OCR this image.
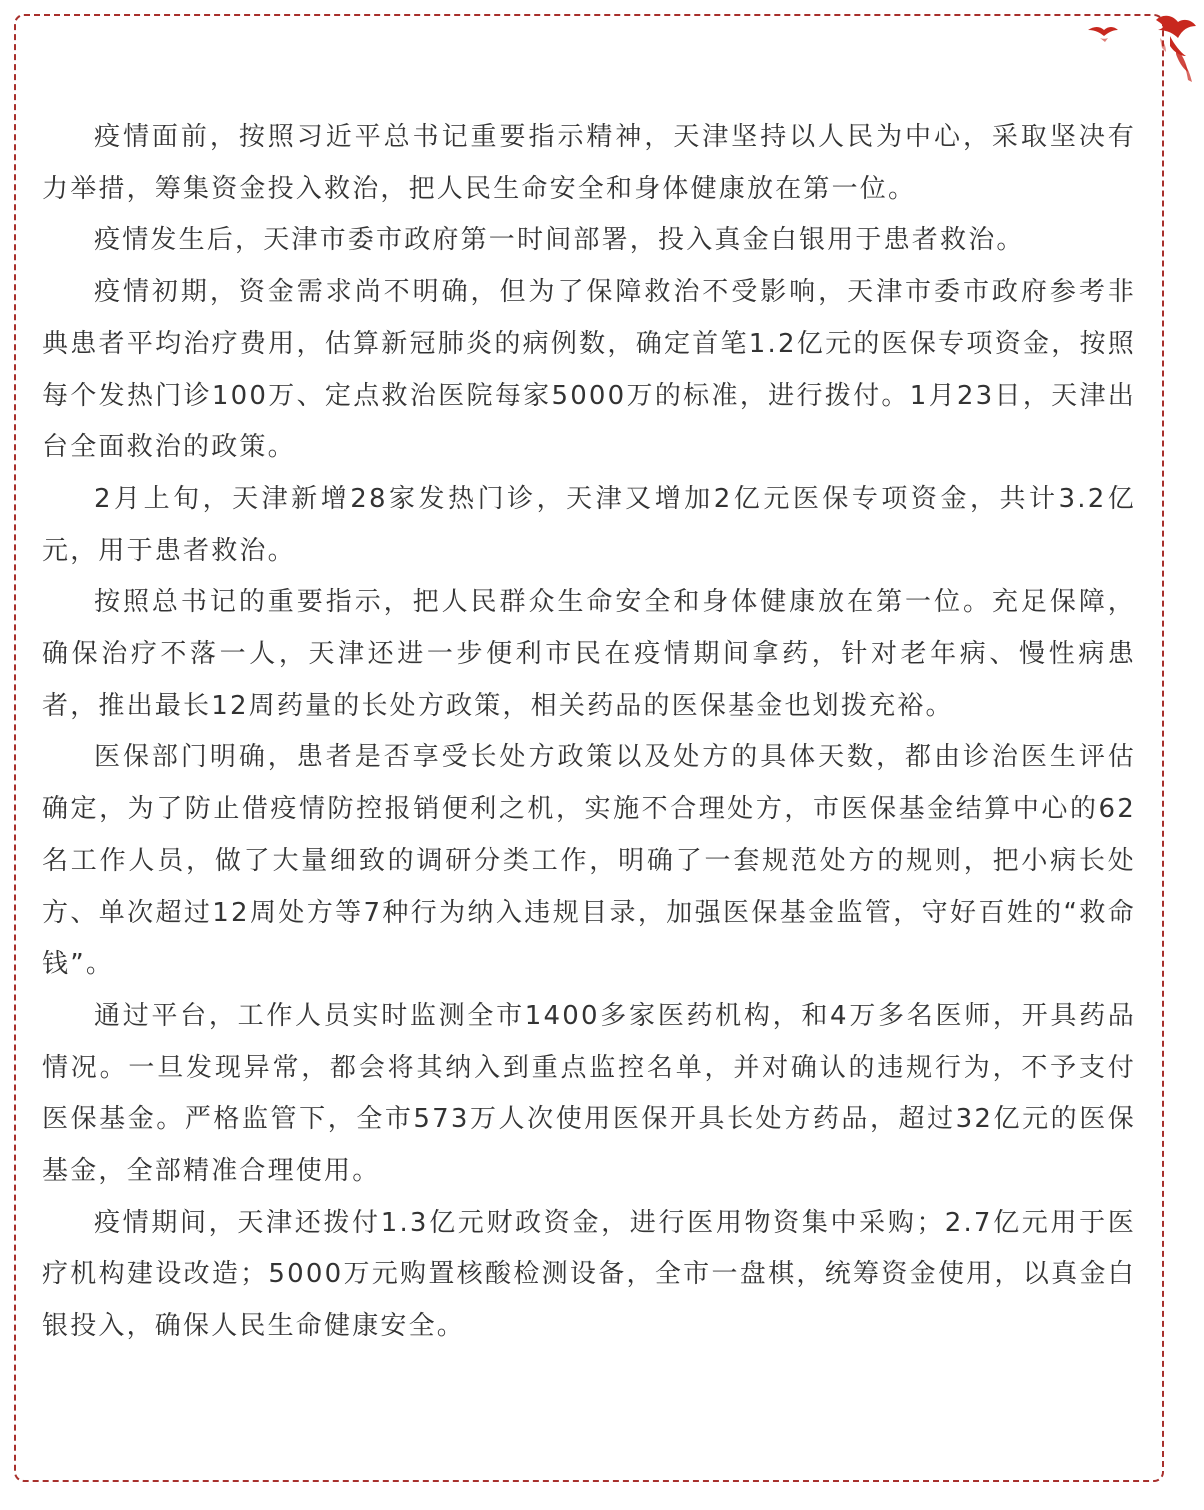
疫情面前，按照习近平总书记重要指示精神，天津坚持以人民为中心，采取坚决有力举措，筹集资金投入救治，把人民生命安全和身体健康放在第一位。

疫情发生后，天津市委市政府第一时间部署，投入真金白银用于患者救治。

疫情初期，资金需求尚不明确，但为了保障救治不受影响，天津市委市政府参考非典患者平均治疗费用，估算新冠肺炎的病例数，确定首笔1.2亿元的医保专项资金，按照每个发热门诊100万、定点救治医院每家5000万的标准，进行拨付。1月23日，天津出台全面救治的政策。

2月上旬，天津新增28家发热门诊，天津又增加2亿元医保专项资金，共计3.2亿元，用于患者救治。

按照总书记的重要指示，把人民群众生命安全和身体健康放在第一位。充足保障，确保治疗不落一人，天津还进一步便利市民在疫情期间拿药，针对老年病、慢性病患者，推出最长12周药量的长处方政策，相关药品的医保基金也划拨充裕。

医保部门明确，患者是否享受长处方政策以及处方的具体天数，都由诊治医生评估确定，为了防止借疫情防控报销便利之机，实施不合理处方，市医保基金结算中心的62名工作人员，做了大量细致的调研分类工作，明确了一套规范处方的规则，把小病长处方、单次超过12周处方等7种行为纳入违规目录，加强医保基金监管，守好百姓的“救命钱”。

通过平台，工作人员实时监测全市1400多家医药机构，和4万多名医师，开具药品情况。一旦发现异常，都会将其纳入到重点监控名单，并对确认的违规行为，不予支付医保基金。严格监管下，全市573万人次使用医保开具长处方药品，超过32亿元的医保基金，全部精准合理使用。

疫情期间，天津还拨付1.3亿元财政资金，进行医用物资集中采购；2.7亿元用于医疗机构建设改造；5000万元购置核酸检测设备，全市一盘棋，统筹资金使用，以真金白银投入，确保人民生命健康安全。
